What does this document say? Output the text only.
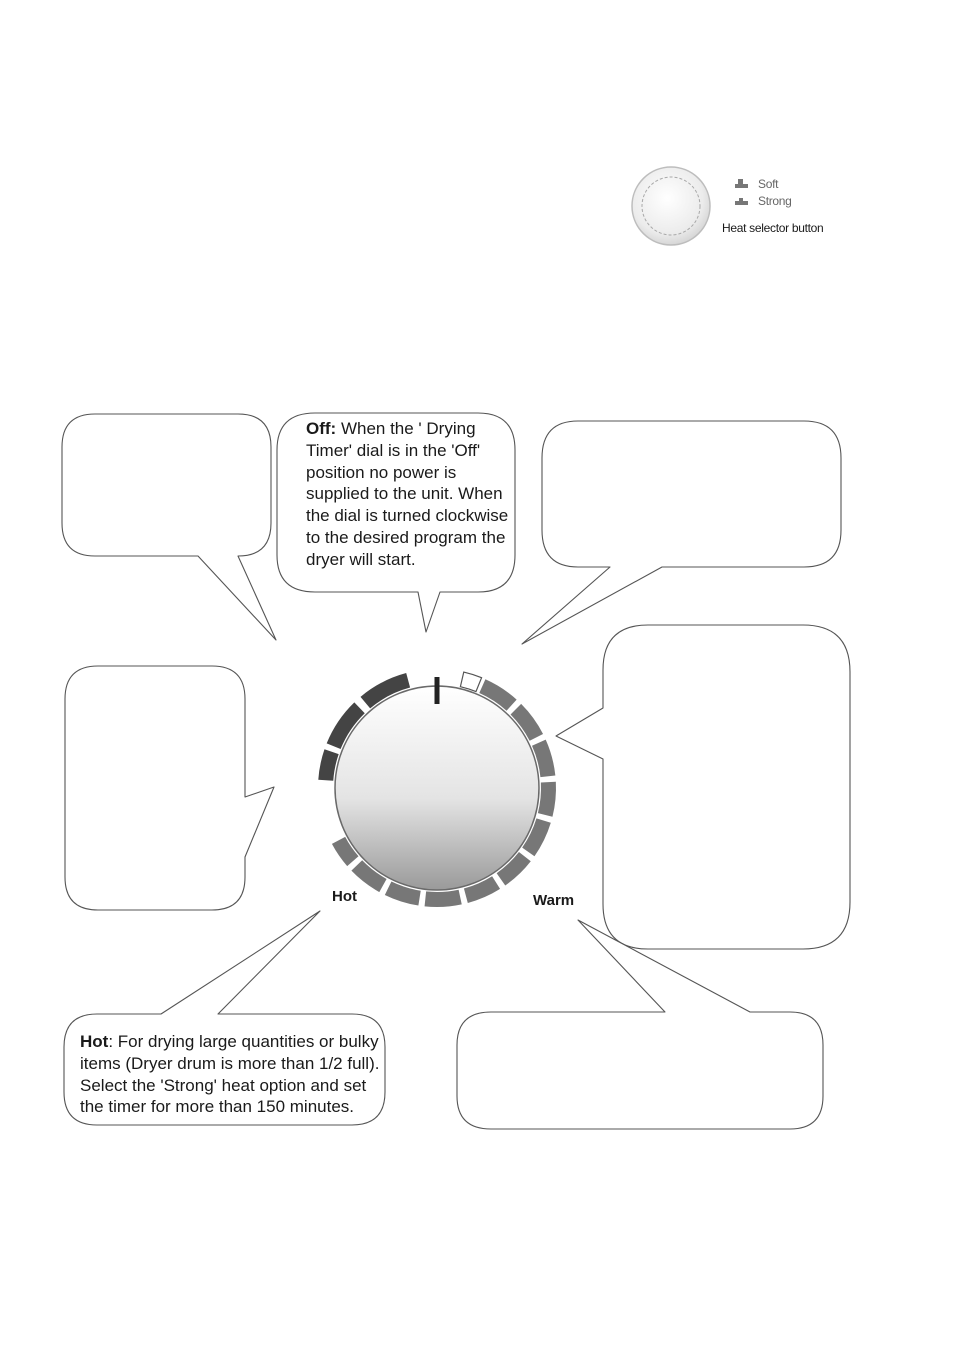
Off: When the ' Drying Timer' dial is in the 'Off' position no power is supplied to the unit. When the dial is turned clockwise to the desired program the dryer will start.
Hot: For drying large quantities or bulky items (Dryer drum is more than 1/2 full). Select the 'Strong' heat option and set the timer for more than 150 minutes.
Soft
Strong
Heat selector button
Hot	Warm
